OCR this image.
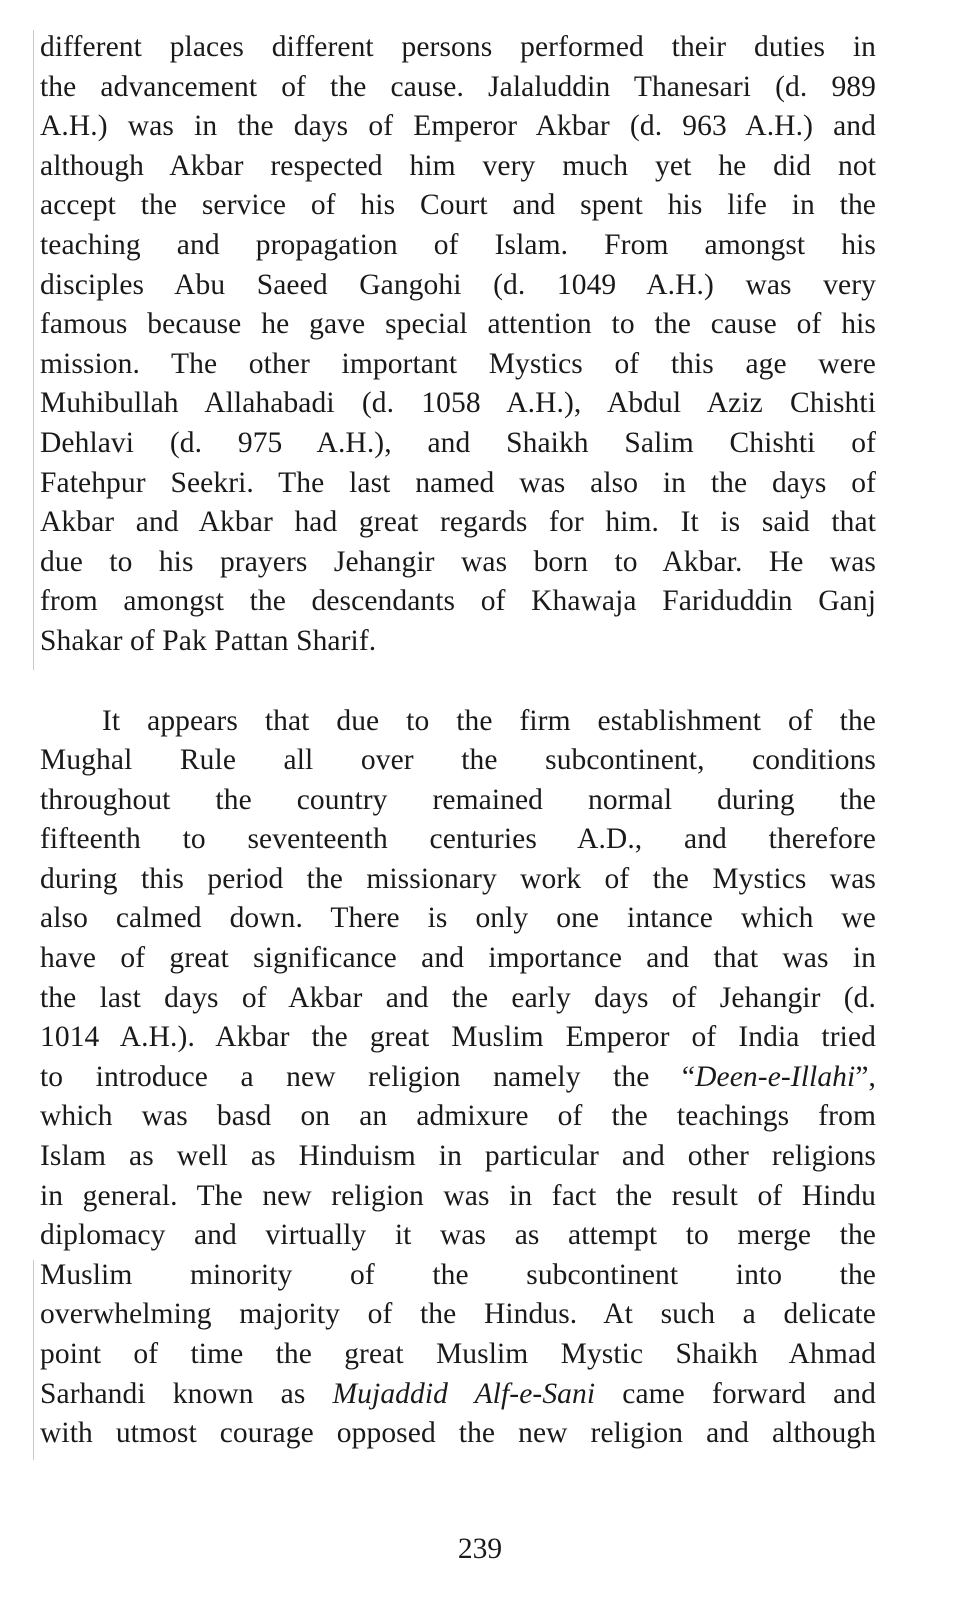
different places different persons performed their duties in
the advancement of the cause. Jalaluddin Thanesari (d. 989
A.H.) was in the days of Emperor Akbar (d. 963 A.H.) and
although Akbar respected him very much yet he did not
accept the service of his Court and spent his life in the
teaching and propagation of Islam. From amongst his
disciples Abu Saeed Gangohi (d. 1049 A.H.) was very
famous because he gave special attention to the cause of his
mission. The other important Mystics of this age were
Muhibullah Allahabadi (d. 1058 A.H.), Abdul Aziz Chishti
Dehlavi (d. 975 A.H.), and Shaikh Salim Chishti of
Fatehpur Seekri. The last named was also in the days of
Akbar and Akbar had great regards for him. It is said that
due to his prayers Jehangir was born to Akbar. He was
from amongst the descendants of Khawaja Fariduddin Ganj
Shakar of Pak Pattan Sharif.

It appears that due to the firm establishment of the
Mughal Rule all over the subcontinent, conditions
throughout the country remained normal during the
fifteenth to seventeenth centuries A.D., and therefore
during this period the missionary work of the Mystics was
also calmed down. There is only one intance which we
have of great significance and importance and that was in
the last days of Akbar and the early days of Jehangir (d.
1014 A.H.). Akbar the great Muslim Emperor of India tried
to introduce a new religion namely the “Deen-e-Illahi”,
which was basd on an admixure of the teachings from
Islam as well as Hinduism in particular and other religions
in general. The new religion was in fact the result of Hindu
diplomacy and virtually it was as attempt to merge the
Muslim minority of the subcontinent into the
overwhelming majority of the Hindus. At such a delicate
point of time the great Muslim Mystic Shaikh Ahmad
Sarhandi known as Mujaddid Alf-e-Sani came forward and
with utmost courage opposed the new religion and although

239
